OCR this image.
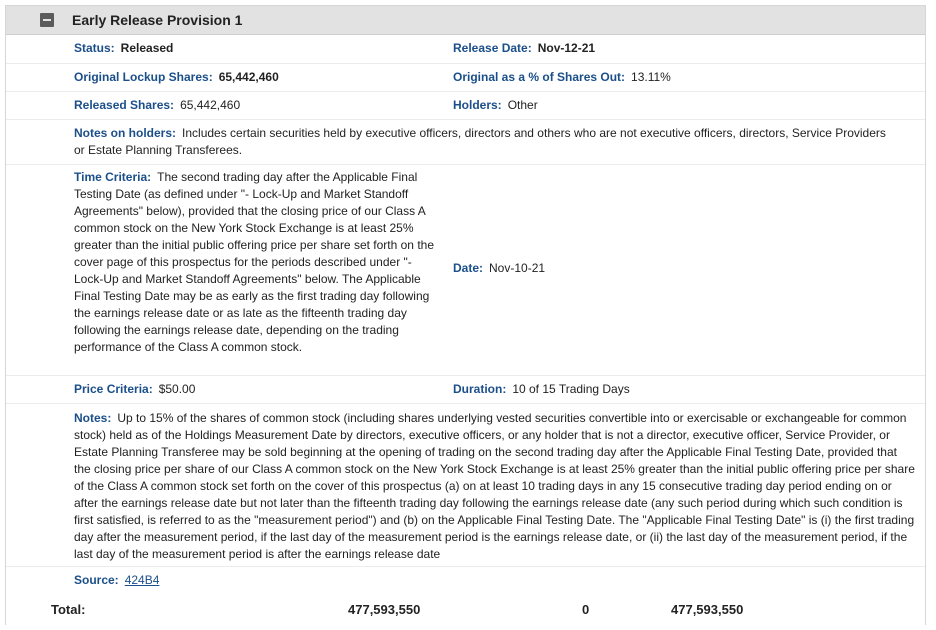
Early Release Provision 1
Status: Released	Release Date: Nov-12-21
Original Lockup Shares: 65,442,460	Original as a % of Shares Out: 13.11%
Released Shares: 65,442,460	Holders: Other
Notes on holders: Includes certain securities held by executive officers, directors and others who are not executive officers, directors, Service Providers or Estate Planning Transferees.
Time Criteria: The second trading day after the Applicable Final Testing Date (as defined under "- Lock-Up and Market Standoff Agreements" below), provided that the closing price of our Class A common stock on the New York Stock Exchange is at least 25% greater than the initial public offering price per share set forth on the cover page of this prospectus for the periods described under "- Lock-Up and Market Standoff Agreements" below. The Applicable Final Testing Date may be as early as the first trading day following the earnings release date or as late as the fifteenth trading day following the earnings release date, depending on the trading performance of the Class A common stock.
Date: Nov-10-21
Price Criteria: $50.00	Duration: 10 of 15 Trading Days
Notes: Up to 15% of the shares of common stock (including shares underlying vested securities convertible into or exercisable or exchangeable for common stock) held as of the Holdings Measurement Date by directors, executive officers, or any holder that is not a director, executive officer, Service Provider, or Estate Planning Transferee may be sold beginning at the opening of trading on the second trading day after the Applicable Final Testing Date, provided that the closing price per share of our Class A common stock on the New York Stock Exchange is at least 25% greater than the initial public offering price per share of the Class A common stock set forth on the cover of this prospectus (a) on at least 10 trading days in any 15 consecutive trading day period ending on or after the earnings release date but not later than the fifteenth trading day following the earnings release date (any such period during which such condition is first satisfied, is referred to as the "measurement period") and (b) on the Applicable Final Testing Date. The "Applicable Final Testing Date" is (i) the first trading day after the measurement period, if the last day of the measurement period is the earnings release date, or (ii) the last day of the measurement period, if the last day of the measurement period is after the earnings release date
Source: 424B4
Total:	477,593,550	0	477,593,550
